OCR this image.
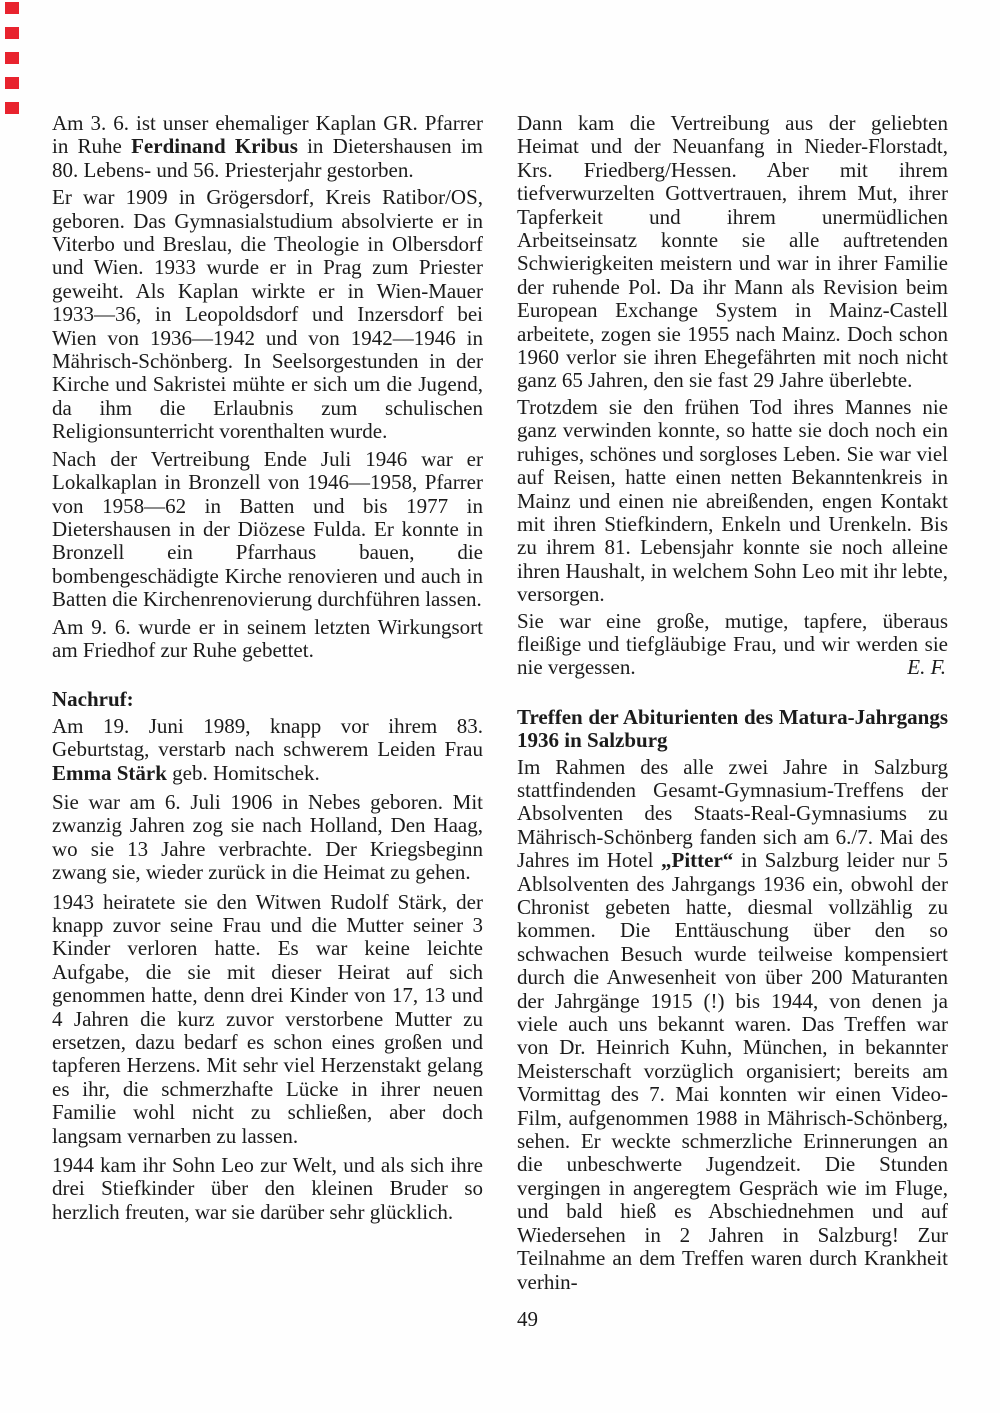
Am 3. 6. ist unser ehemaliger Kaplan GR. Pfarrer in Ruhe Ferdinand Kribus in Dietershausen im 80. Lebens- und 56. Priesterjahr gestorben.

Er war 1909 in Grögersdorf, Kreis Ratibor/OS, geboren. Das Gymnasialstudium absolvierte er in Viterbo und Breslau, die Theologie in Olbersdorf und Wien. 1933 wurde er in Prag zum Priester geweiht. Als Kaplan wirkte er in Wien-Mauer 1933—36, in Leopoldsdorf und Inzersdorf bei Wien von 1936—1942 und von 1942—1946 in Mährisch-Schönberg. In Seelsorgestunden in der Kirche und Sakristei mühte er sich um die Jugend, da ihm die Erlaubnis zum schulischen Religionsunterricht vorenthalten wurde.

Nach der Vertreibung Ende Juli 1946 war er Lokalkaplan in Bronzell von 1946—1958, Pfarrer von 1958—62 in Batten und bis 1977 in Dietershausen in der Diözese Fulda. Er konnte in Bronzell ein Pfarrhaus bauen, die bombengeschädigte Kirche renovieren und auch in Batten die Kirchenrenovierung durchführen lassen.

Am 9. 6. wurde er in seinem letzten Wirkungsort am Friedhof zur Ruhe gebettet.

Nachruf:

Am 19. Juni 1989, knapp vor ihrem 83. Geburtstag, verstarb nach schwerem Leiden Frau Emma Stärk geb. Homitschek.

Sie war am 6. Juli 1906 in Nebes geboren. Mit zwanzig Jahren zog sie nach Holland, Den Haag, wo sie 13 Jahre verbrachte. Der Kriegsbeginn zwang sie, wieder zurück in die Heimat zu gehen.

1943 heiratete sie den Witwen Rudolf Stärk, der knapp zuvor seine Frau und die Mutter seiner 3 Kinder verloren hatte. Es war keine leichte Aufgabe, die sie mit dieser Heirat auf sich genommen hatte, denn drei Kinder von 17, 13 und 4 Jahren die kurz zuvor verstorbene Mutter zu ersetzen, dazu bedarf es schon eines großen und tapferen Herzens. Mit sehr viel Herzenstakt gelang es ihr, die schmerzhafte Lücke in ihrer neuen Familie wohl nicht zu schließen, aber doch langsam vernarben zu lassen.

1944 kam ihr Sohn Leo zur Welt, und als sich ihre drei Stiefkinder über den kleinen Bruder so herzlich freuten, war sie darüber sehr glücklich.

Dann kam die Vertreibung aus der geliebten Heimat und der Neuanfang in Nieder-Florstadt, Krs. Friedberg/Hessen. Aber mit ihrem tiefverwurzelten Gottvertrauen, ihrem Mut, ihrer Tapferkeit und ihrem unermüdlichen Arbeitseinsatz konnte sie alle auftretenden Schwierigkeiten meistern und war in ihrer Familie der ruhende Pol. Da ihr Mann als Revision beim European Exchange System in Mainz-Castell arbeitete, zogen sie 1955 nach Mainz. Doch schon 1960 verlor sie ihren Ehegefährten mit noch nicht ganz 65 Jahren, den sie fast 29 Jahre überlebte.

Trotzdem sie den frühen Tod ihres Mannes nie ganz verwinden konnte, so hatte sie doch noch ein ruhiges, schönes und sorgloses Leben. Sie war viel auf Reisen, hatte einen netten Bekanntenkreis in Mainz und einen nie abreißenden, engen Kontakt mit ihren Stiefkindern, Enkeln und Urenkeln. Bis zu ihrem 81. Lebensjahr konnte sie noch alleine ihren Haushalt, in welchem Sohn Leo mit ihr lebte, versorgen.

Sie war eine große, mutige, tapfere, überaus fleißige und tiefgläubige Frau, und wir werden sie nie vergessen.	E. F.

Treffen der Abiturienten des Matura-Jahrgangs 1936 in Salzburg

Im Rahmen des alle zwei Jahre in Salzburg stattfindenden Gesamt-Gymnasium-Treffens der Absolventen des Staats-Real-Gymnasiums zu Mährisch-Schönberg fanden sich am 6./7. Mai des Jahres im Hotel „Pitter“ in Salzburg leider nur 5 Ablsolventen des Jahrgangs 1936 ein, obwohl der Chronist gebeten hatte, diesmal vollzählig zu kommen. Die Enttäuschung über den so schwachen Besuch wurde teilweise kompensiert durch die Anwesenheit von über 200 Maturanten der Jahrgänge 1915 (!) bis 1944, von denen ja viele auch uns bekannt waren. Das Treffen war von Dr. Heinrich Kuhn, München, in bekannter Meisterschaft vorzüglich organisiert; bereits am Vormittag des 7. Mai konnten wir einen Video-Film, aufgenommen 1988 in Mährisch-Schönberg, sehen. Er weckte schmerzliche Erinnerungen an die unbeschwerte Jugendzeit. Die Stunden vergingen in angeregtem Gespräch wie im Fluge, und bald hieß es Abschiednehmen und auf Wiedersehen in 2 Jahren in Salzburg! Zur Teilnahme an dem Treffen waren durch Krankheit verhin-

49
